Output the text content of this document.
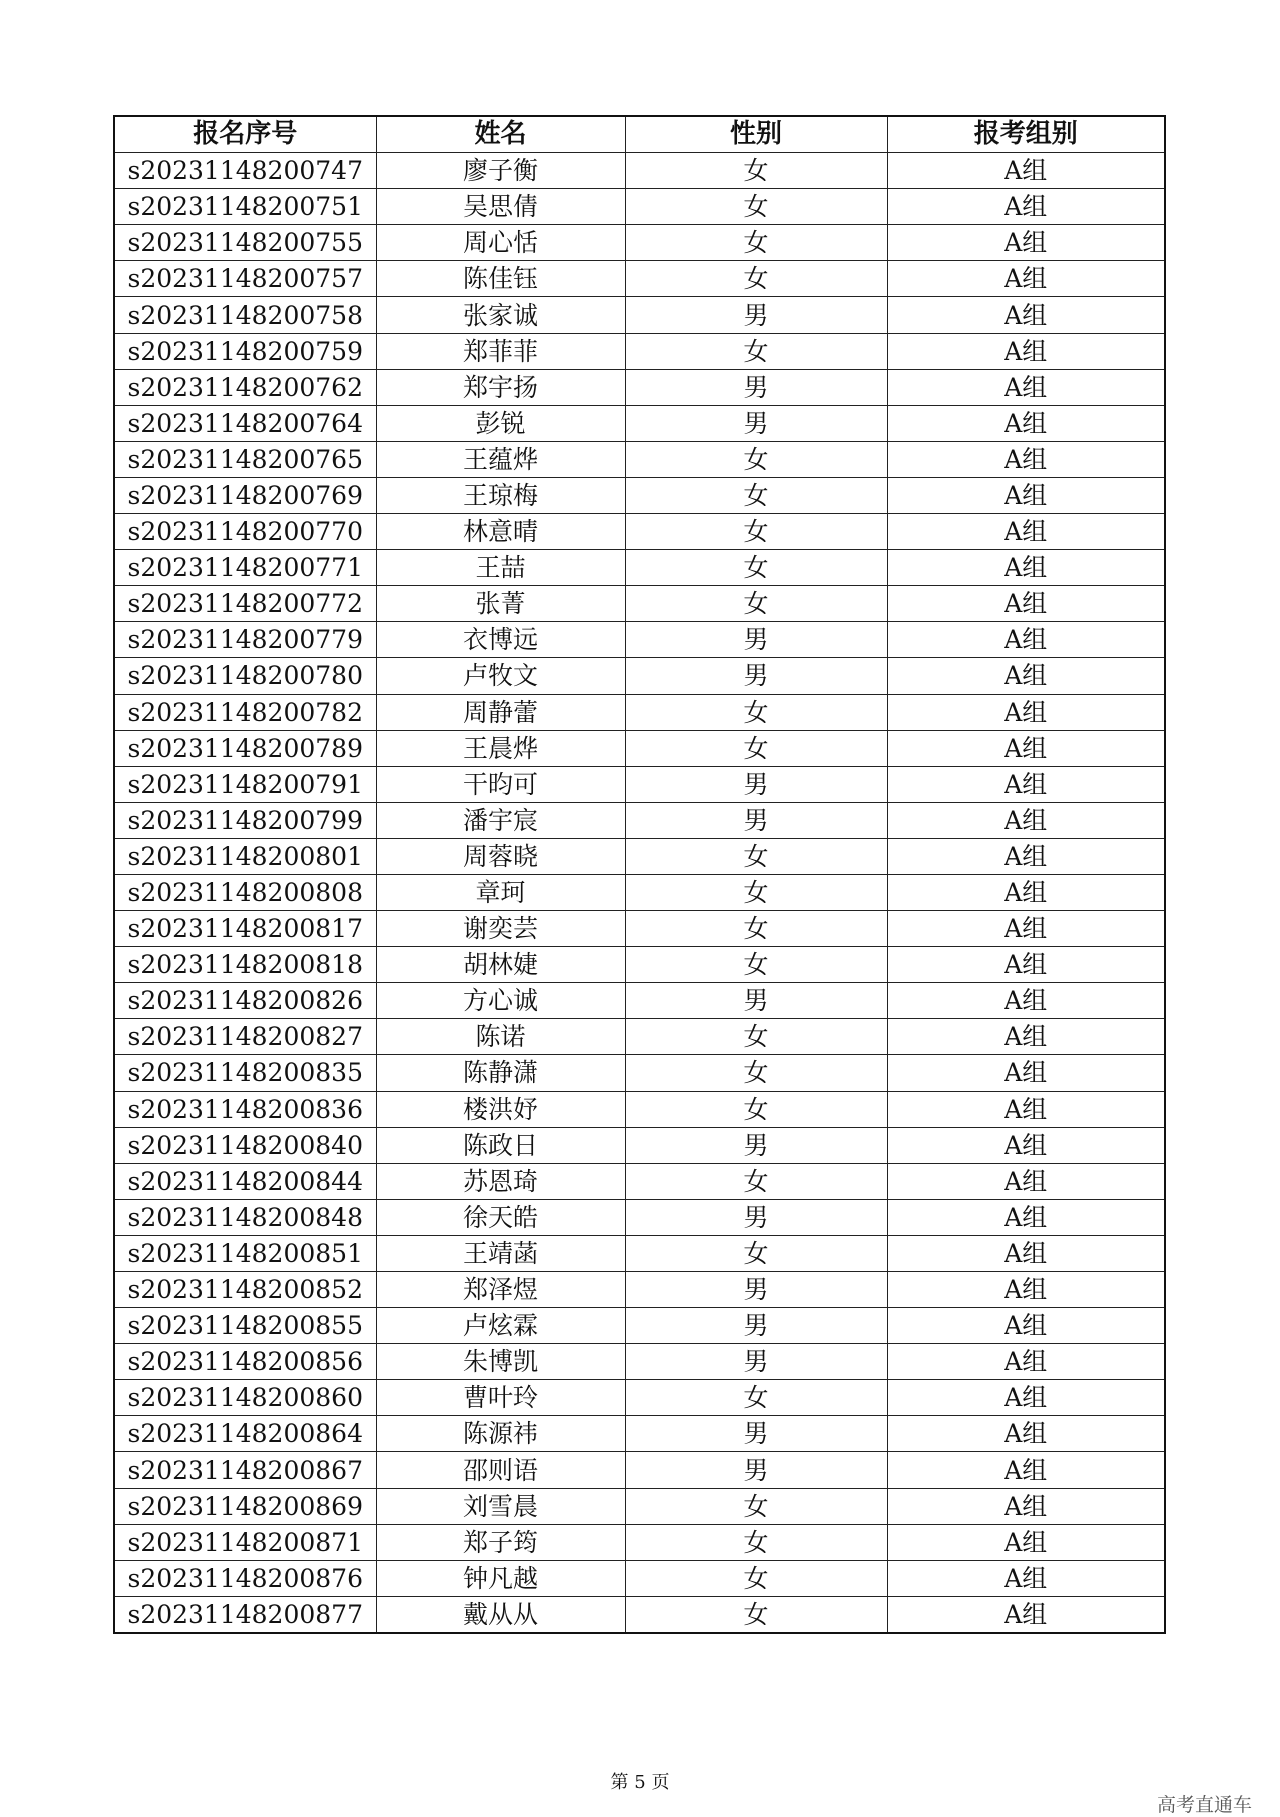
报名序号	姓名	性别	报考组别
s20231148200747	廖子衡	女	A组
s20231148200751	吴思倩	女	A组
s20231148200755	周心恬	女	A组
s20231148200757	陈佳钰	女	A组
s20231148200758	张家诚	男	A组
s20231148200759	郑菲菲	女	A组
s20231148200762	郑宇扬	男	A组
s20231148200764	彭锐	男	A组
s20231148200765	王蕴烨	女	A组
s20231148200769	王琼梅	女	A组
s20231148200770	林意晴	女	A组
s20231148200771	王喆	女	A组
s20231148200772	张菁	女	A组
s20231148200779	衣博远	男	A组
s20231148200780	卢牧文	男	A组
s20231148200782	周静蕾	女	A组
s20231148200789	王晨烨	女	A组
s20231148200791	干昀可	男	A组
s20231148200799	潘宇宸	男	A组
s20231148200801	周蓉晓	女	A组
s20231148200808	章珂	女	A组
s20231148200817	谢奕芸	女	A组
s20231148200818	胡林婕	女	A组
s20231148200826	方心诚	男	A组
s20231148200827	陈诺	女	A组
s20231148200835	陈静潇	女	A组
s20231148200836	楼洪妤	女	A组
s20231148200840	陈政日	男	A组
s20231148200844	苏恩琦	女	A组
s20231148200848	徐天皓	男	A组
s20231148200851	王靖菡	女	A组
s20231148200852	郑泽煜	男	A组
s20231148200855	卢炫霖	男	A组
s20231148200856	朱博凯	男	A组
s20231148200860	曹叶玲	女	A组
s20231148200864	陈源祎	男	A组
s20231148200867	邵则语	男	A组
s20231148200869	刘雪晨	女	A组
s20231148200871	郑子筠	女	A组
s20231148200876	钟凡越	女	A组
s20231148200877	戴从从	女	A组
第 5 页
高考直通车
